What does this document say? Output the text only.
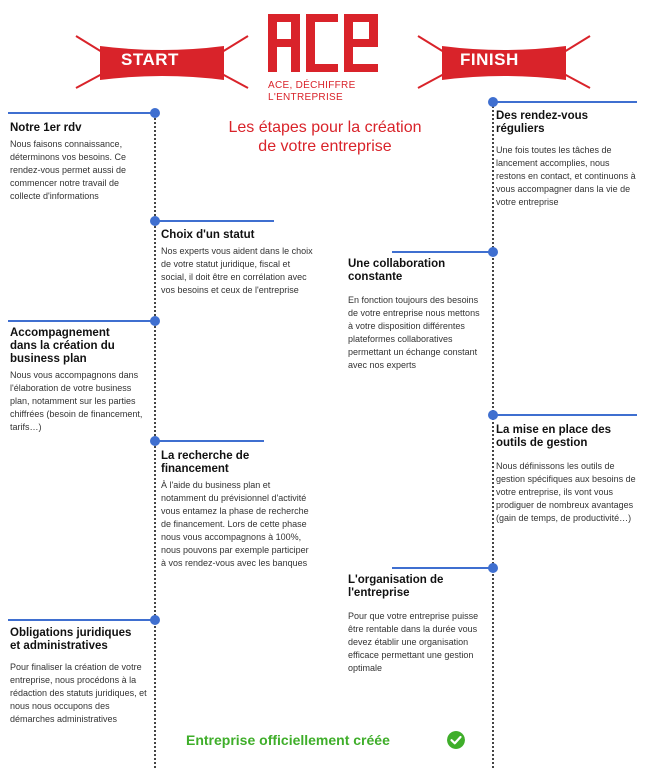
ACE, DÉCHIFFRE
L'ENTREPRISE
START	FINISH
Les étapes pour la création
de votre entreprise
Notre 1er rdv
Nous faisons connaissance, déterminons vos besoins. Ce rendez-vous permet aussi de commencer notre travail de collecte d'informations
Choix d'un statut
Nos experts vous aident dans le choix de votre statut juridique, fiscal et social, il doit être en corrélation avec vos besoins et ceux de l'entreprise
Accompagnement
dans la création du
business plan
Nous vous accompagnons dans l'élaboration de votre business plan, notamment sur les parties chiffrées (besoin de financement, tarifs…)
La recherche de
financement
À l'aide du business plan et notamment du prévisionnel d'activité vous entamez la phase de recherche de financement. Lors de cette phase nous vous accompagnons à 100%, nous pouvons par exemple participer à vos rendez-vous avec les banques
Obligations juridiques
et administratives
Pour finaliser la création de votre entreprise, nous procédons à la rédaction des statuts juridiques, et nous nous occupons des démarches administratives
Des rendez-vous
réguliers
Une fois toutes les tâches de lancement accomplies, nous restons en contact, et continuons à vous accompagner dans la vie de votre entreprise
Une collaboration
constante
En fonction toujours des besoins de votre entreprise nous mettons à votre disposition différentes plateformes collaboratives permettant un échange constant avec nos experts
La mise en place des
outils de gestion
Nous définissons les outils de gestion spécifiques aux besoins de votre entreprise, ils vont vous prodiguer de nombreux avantages (gain de temps, de productivité…)
L'organisation de
l'entreprise
Pour que votre entreprise puisse être rentable dans la durée vous devez établir une organisation efficace permettant une gestion optimale
Entreprise officiellement créée
